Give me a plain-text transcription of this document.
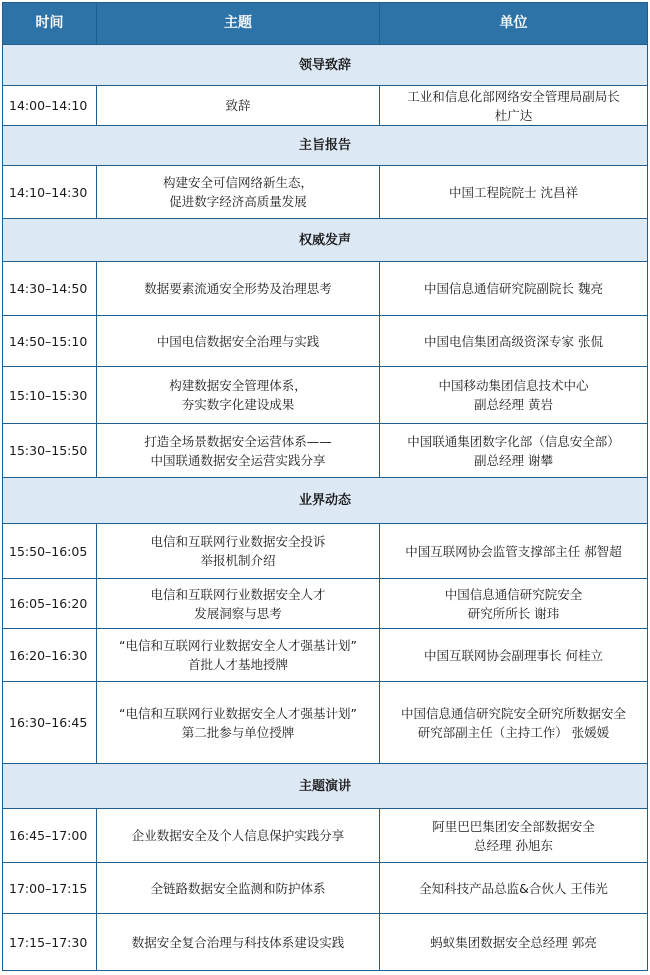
时间	主题	单位
领导致辞		
14:00–14:10	致辞	工业和信息化部网络安全管理局副局长
杜广达

主旨报告		
14:10–14:30	构建安全可信网络新生态，
促进数字经济高质量发展	中国工程院院士 沈昌祥

权威发声		
14:30–14:50	数据要素流通安全形势及治理思考	中国信息通信研究院副院长 魏亮

14:50–15:10	中国电信数据安全治理与实践	中国电信集团高级资深专家 张侃

15:10–15:30	构建数据安全管理体系，
夯实数字化建设成果	中国移动集团信息技术中心
副总经理 黄岩

15:30–15:50	打造全场景数据安全运营体系——
中国联通数据安全运营实践分享	中国联通集团数字化部（信息安全部）
副总经理 谢攀

业界动态		
15:50–16:05	电信和互联网行业数据安全投诉
举报机制介绍	中国互联网协会监管支撑部主任 郝智超

16:05–16:20	电信和互联网行业数据安全人才
发展洞察与思考	中国信息通信研究院安全
研究所所长 谢玮

16:20–16:30	“电信和互联网行业数据安全人才强基计划”
首批人才基地授牌	中国互联网协会副理事长 何桂立

16:30–16:45	“电信和互联网行业数据安全人才强基计划”
第二批参与单位授牌	中国信息通信研究院安全研究所数据安全
研究部副主任（主持工作） 张媛媛

主题演讲		
16:45–17:00	企业数据安全及个人信息保护实践分享	阿里巴巴集团安全部数据安全
总经理 孙旭东

17:00–17:15	全链路数据安全监测和防护体系	全知科技产品总监&合伙人 王伟光

17:15–17:30	数据安全复合治理与科技体系建设实践	蚂蚁集团数据安全总经理 郭亮
